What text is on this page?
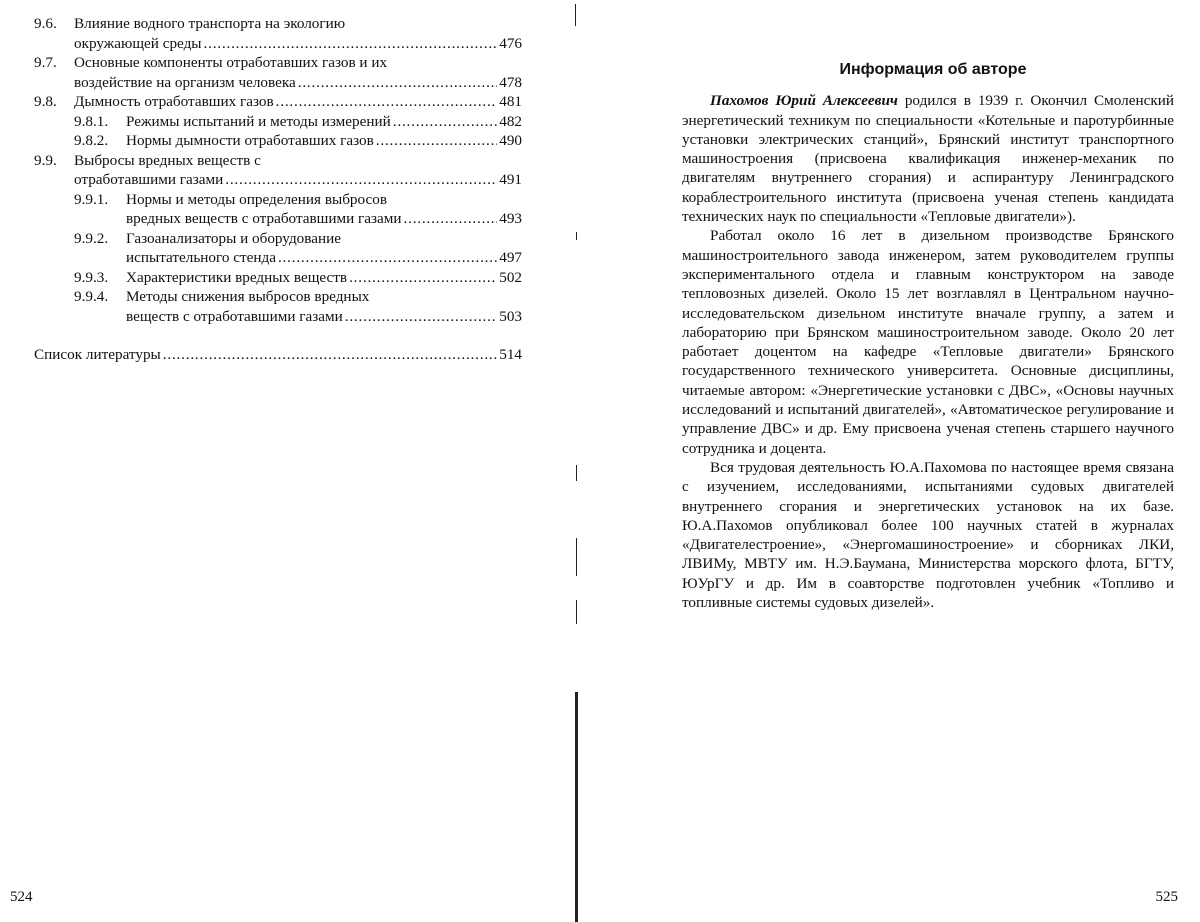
9.6.	Влияние водного транспорта на экологию
окружающей среды . . .	476
9.7.	Основные компоненты отработавших газов и их
воздействие на организм человека . . .	478
9.8.	Дымность отработавших газов . . .	481
9.8.1.	Режимы испытаний и методы измерений . . .	482
9.8.2.	Нормы дымности отработавших газов . . .	490
9.9.	Выбросы вредных веществ с
отработавшими газами . . .	491
9.9.1.	Нормы и методы определения выбросов
вредных веществ с отработавшими газами . . .	493
9.9.2.	Газоанализаторы и оборудование
испытательного стенда . . .	497
9.9.3.	Характеристики вредных веществ . . .	502
9.9.4.	Методы снижения выбросов вредных
веществ с отработавшими газами . . .	503
Список литературы . . .	514
524
Информация об авторе

Пахомов Юрий Алексеевич родился в 1939 г. Окончил Смоленский энергетический техникум по специальности «Котельные и паротурбинные установки электрических станций», Брянский институт транспортного машиностроения (присвоена квалификация инженер-механик по двигателям внутреннего сгорания) и аспирантуру Ленинградского кораблестроительного института (присвоена ученая степень кандидата технических наук по специальности «Тепловые двигатели»).

Работал около 16 лет в дизельном производстве Брянского машиностроительного завода инженером, затем руководителем группы экспериментального отдела и главным конструктором на заводе тепловозных дизелей. Около 15 лет возглавлял в Центральном научно-исследовательском дизельном институте вначале группу, а затем и лабораторию при Брянском машиностроительном заводе. Около 20 лет работает доцентом на кафедре «Тепловые двигатели» Брянского государственного технического университета. Основные дисциплины, читаемые автором: «Энергетические установки с ДВС», «Основы научных исследований и испытаний двигателей», «Автоматическое регулирование и управление ДВС» и др. Ему присвоена ученая степень старшего научного сотрудника и доцента.

Вся трудовая деятельность Ю.А.Пахомова по настоящее время связана с изучением, исследованиями, испытаниями судовых двигателей внутреннего сгорания и энергетических установок на их базе. Ю.А.Пахомов опубликовал более 100 научных статей в журналах «Двигателестроение», «Энергомашиностроение» и сборниках ЛКИ, ЛВИМу, МВТУ им. Н.Э.Баумана, Министерства морского флота, БГТУ, ЮУрГУ и др. Им в соавторстве подготовлен учебник «Топливо и топливные системы судовых дизелей».

525
